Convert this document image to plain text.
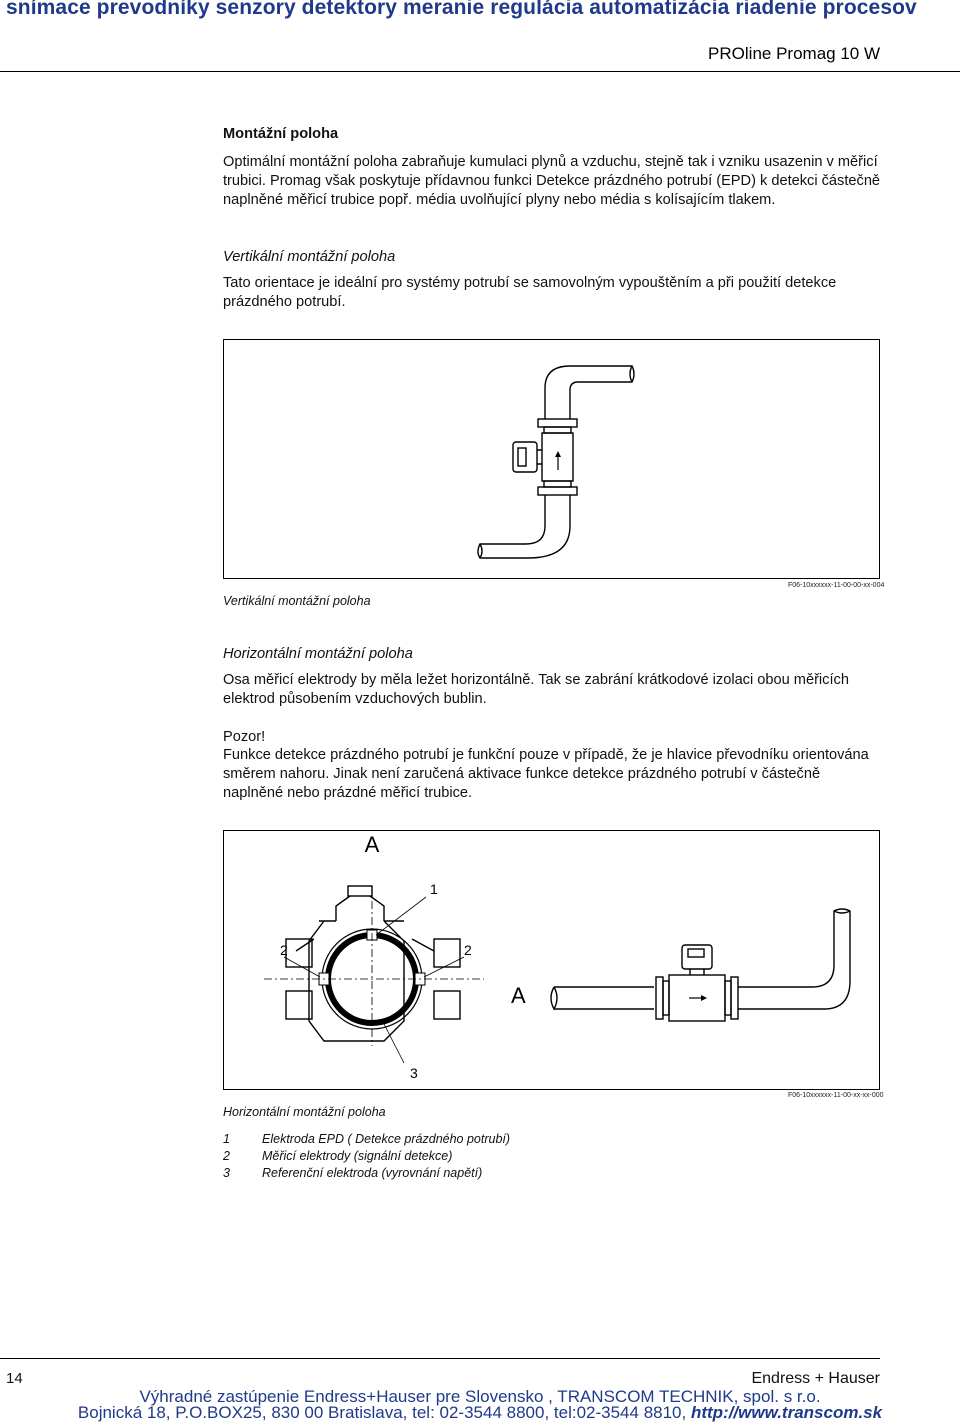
snímace prevodníky senzory detektory meranie regulácia automatizácia riadenie procesov
PROline Promag 10 W
Montážní poloha
Optimální montážní poloha zabraňuje kumulaci plynů a vzduchu, stejně tak i vzniku usazenin v měřicí trubici. Promag však poskytuje přídavnou funkci Detekce prázdného potrubí (EPD) k detekci částečně naplněné měřicí trubice popř. média uvolňující plyny nebo média s kolísajícím tlakem.
Vertikální montážní poloha
Tato orientace je ideální pro systémy potrubí se samovolným vypouštěním a při použití detekce prázdného potrubí.
Vertikální montážní poloha
F06-10xxxxxx-11-00-00-xx-004
Horizontální montážní poloha
Osa měřicí elektrody by měla ležet horizontálně. Tak se zabrání krátkodové izolaci obou měřicích elektrod působením vzduchových bublin.
Pozor!
Funkce detekce prázdného potrubí je funkční pouze v případě, že je hlavice převodníku orientována směrem nahoru. Jinak není zaručená aktivace funkce detekce prázdného potrubí v částečně naplněné nebo prázdné měřicí trubice.
A
1
2	2
3
A
Horizontální montážní poloha
F06-10xxxxxx-11-00-xx-xx-000
1	Elektroda EPD ( Detekce prázdného potrubí)
2	Měřicí elektrody (signální detekce)
3	Referenční elektroda (vyrovnání napětí)
14	Endress + Hauser
Výhradné zastúpenie Endress+Hauser pre Slovensko , TRANSCOM TECHNIK, spol. s r.o.
Bojnická 18, P.O.BOX25, 830 00 Bratislava, tel: 02-3544 8800, tel:02-3544 8810, http://www.transcom.sk
